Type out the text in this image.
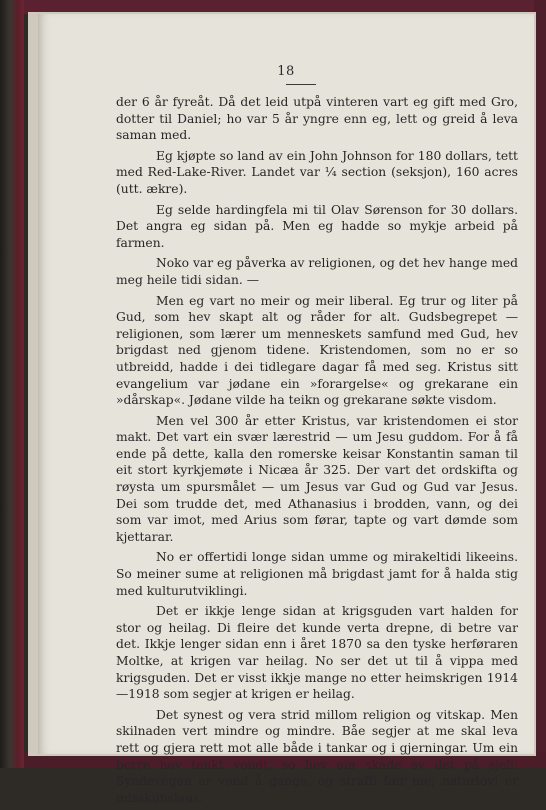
18

der 6 år fyreåt. Då det leid utpå vinteren vart eg gift med Gro, dotter til Daniel; ho var 5 år yngre enn eg, lett og greid å leva saman med.

Eg kjøpte so land av ein John Johnson for 180 dollars, tett med Red-Lake-River. Landet var ¼ section (seksjon), 160 acres (utt. ækre).

Eg selde hardingfela mi til Olav Sørenson for 30 dollars. Det angra eg sidan på. Men eg hadde so mykje arbeid på farmen.

Noko var eg påverka av religionen, og det hev hange med meg heile tidi sidan. —

Men eg vart no meir og meir liberal. Eg trur og liter på Gud, som hev skapt alt og råder for alt. Gudsbegrepet — religionen, som lærer um menneskets samfund med Gud, hev brigdast ned gjenom tidene. Kristendomen, som no er so utbreidd, hadde i dei tidlegare dagar få med seg. Kristus sitt evangelium var jødane ein »forargelse« og grekarane ein »dårskap«. Jødane vilde ha teikn og grekarane søkte visdom.

Men vel 300 år etter Kristus, var kristendomen ei stor makt. Det vart ein svær lærestrid — um Jesu guddom. For å få ende på dette, kalla den romerske keisar Konstantin saman til eit stort kyrkjemøte i Nicæa år 325. Der vart det ordskifta og røysta um spursmålet — um Jesus var Gud og Gud var Jesus. Dei som trudde det, med Athanasius i brodden, vann, og dei som var imot, med Arius som førar, tapte og vart dømde som kjettarar.

No er offertidi longe sidan umme og mirakeltidi likeeins. So meiner sume at religionen må brigdast jamt for å halda stig med kulturutviklingi.

Det er ikkje lenge sidan at krigsguden vart halden for stor og heilag. Di fleire det kunde verta drepne, di betre var det. Ikkje lenger sidan enn i året 1870 sa den tyske herføraren Moltke, at krigen var heilag. No ser det ut til å vippa med krigsguden. Det er visst ikkje mange no etter heimskrigen 1914—1918 som segjer at krigen er heilag.

Det synest og vera strid millom religion og vitskap. Men skilnaden vert mindre og mindre. Båe segjer at me skal leva rett og gjera rett mot alle både i tankar og i gjerningar. Um ein berre hev tenkt vondt, so hev ein skade av det på sjeli. Syndevegen er vond å ganga, og straffi fær me; naturlovi er misskunslaus.
